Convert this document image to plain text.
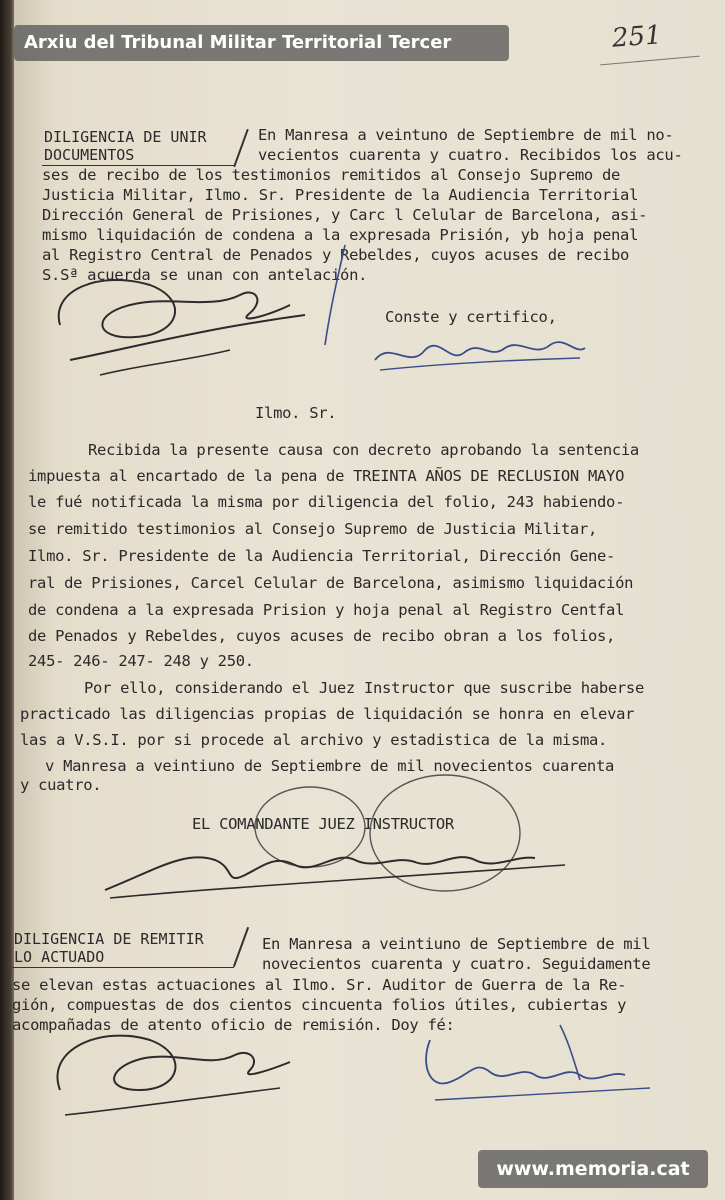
Arxiu del Tribunal Militar Territorial Tercer	251
DILIGENCIA DE UNIR
DOCUMENTOS
En Manresa a veintuno de Septiembre de mil no-
vecientos cuarenta y cuatro. Recibidos los acu-
ses de recibo de los testimonios remitidos al Consejo Supremo de
Justicia Militar, Ilmo. Sr. Presidente de la Audiencia Territorial
Dirección General de Prisiones, y Carc l Celular de Barcelona, asi-
mismo liquidación de condena a la expresada Prisión, yb hoja penal
al Registro Central de Penados y Rebeldes, cuyos acuses de recibo
S.Sª acuerda se unan con antelación.
Conste y certifico,
Ilmo. Sr.
Recibida la presente causa con decreto aprobando la sentencia
impuesta al encartado de la pena de TREINTA AÑOS DE RECLUSION MAYO
le fué notificada la misma por diligencia del folio, 243 habiendo-
se remitido testimonios al Consejo Supremo de Justicia Militar,
Ilmo. Sr. Presidente de la Audiencia Territorial, Dirección Gene-
ral de Prisiones, Carcel Celular de Barcelona, asimismo liquidación
de condena a la expresada Prision y hoja penal al Registro Centfal
de Penados y Rebeldes, cuyos acuses de recibo obran a los folios,
245- 246- 247- 248 y 250.
Por ello, considerando el Juez Instructor que suscribe haberse
practicado las diligencias propias de liquidación se honra en elevar
las a V.S.I. por si procede al archivo y estadistica de la misma.
v Manresa a veintiuno de Septiembre de mil novecientos cuarenta
y cuatro.
EL COMANDANTE JUEZ INSTRUCTOR
DILIGENCIA DE REMITIR
LO ACTUADO
En Manresa a veintiuno de Septiembre de mil
novecientos cuarenta y cuatro. Seguidamente
se elevan estas actuaciones al Ilmo. Sr. Auditor de Guerra de la Re-
gión, compuestas de dos cientos cincuenta folios útiles, cubiertas y
acompañadas de atento oficio de remisión. Doy fé:
www.memoria.cat
